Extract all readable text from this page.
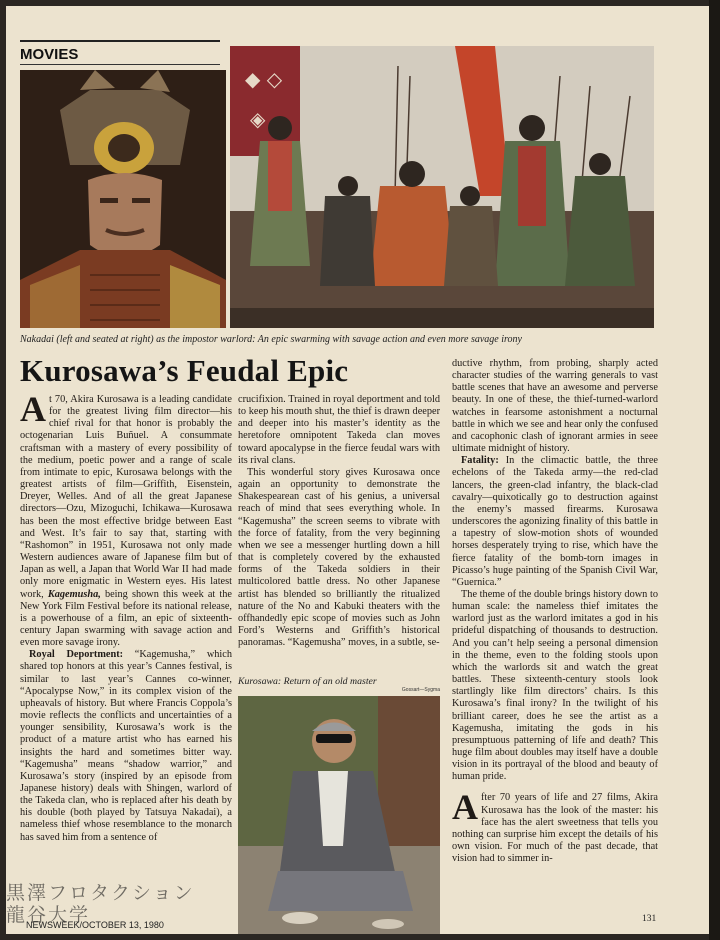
MOVIES
◆ ◇
◈
Nakadai (left and seated at right) as the impostor warlord: An epic swarming with savage action and even more savage irony
Kurosawa’s Feudal Epic

At 70, Akira Kurosawa is a leading candidate for the greatest living film director—his chief rival for that honor is probably the octogenarian Luis Buñuel. A consummate craftsman with a mastery of every possibility of the medium, poetic power and a range of scale from intimate to epic, Kurosawa belongs with the greatest artists of film—Griffith, Eisenstein, Dreyer, Welles. And of all the great Japanese directors—Ozu, Mizoguchi, Ichikawa—Kurosawa has been the most effective bridge between East and West. It’s fair to say that, starting with “Rashomon” in 1951, Kurosawa not only made Western audiences aware of Japanese film but of Japan as well, a Japan that World War II had made only more enigmatic in Western eyes. His latest work, Kagemusha, being shown this week at the New York Film Festival before its national release, is a powerhouse of a film, an epic of sixteenth-century Japan swarming with savage action and even more savage irony.

Royal Deportment: “Kagemusha,” which shared top honors at this year’s Cannes festival, is similar to last year’s Cannes co-winner, “Apocalypse Now,” in its complex vision of the upheavals of history. But where Francis Coppola’s movie reflects the conflicts and uncertainties of a younger sensibility, Kurosawa’s work is the product of a mature artist who has earned his insights the hard and sometimes bitter way. “Kagemusha” means “shadow warrior,” and Kurosawa’s story (inspired by an episode from Japanese history) deals with Shingen, warlord of the Takeda clan, who is replaced after his death by his double (both played by Tatsuya Nakadai), a nameless thief whose resemblance to the monarch has saved him from a sentence of

crucifixion. Trained in royal deportment and told to keep his mouth shut, the thief is drawn deeper and deeper into his master’s identity as the heretofore omnipotent Takeda clan moves toward apocalypse in the fierce feudal wars with its rival clans.

This wonderful story gives Kurosawa once again an opportunity to demonstrate the Shakespearean cast of his genius, a universal reach of mind that sees everything whole. In “Kagemusha” the screen seems to vibrate with the force of fatality, from the very beginning when we see a messenger hurtling down a hill that is completely covered by the exhausted forms of the Takeda soldiers in their multicolored battle dress. No other Japanese artist has blended so brilliantly the ritualized nature of the No and Kabuki theaters with the offhandedly epic scope of movies such as John Ford’s Westerns and Griffith’s historical panoramas. “Kagemusha” moves, in a subtle, se-

Kurosawa: Return of an old master
Gossart—Sygma

ductive rhythm, from probing, sharply acted character studies of the warring generals to vast battle scenes that have an awesome and perverse beauty. In one of these, the thief-turned-warlord watches in fearsome astonishment a nocturnal battle in which we see and hear only the confused and cacophonic clash of ignorant armies in seee ultimate midnight of history.

Fatality: In the climactic battle, the three echelons of the Takeda army—the red-clad lancers, the green-clad infantry, the black-clad cavalry—quixotically go to destruction against the enemy’s massed firearms. Kurosawa underscores the agonizing finality of this battle in a tapestry of slow-motion shots of wounded horses desperately trying to rise, which have the fierce fatality of the bomb-torn images in Picasso’s huge painting of the Spanish Civil War, “Guernica.”

The theme of the double brings history down to human scale: the nameless thief imitates the warlord just as the warlord imitates a god in his prideful dispatching of thousands to destruction. And you can’t help seeing a personal dimension in the theme, even to the folding stools upon which the warlords sit and watch the great battles. These sixteenth-century stools look startlingly like film directors’ chairs. Is this Kurosawa’s final irony? In the twilight of his brilliant career, does he see the artist as a Kagemusha, imitating the gods in his presumptuous patterning of life and death? This huge film about doubles may itself have a double vision in its portrayal of the blood and beauty of human pride.

After 70 years of life and 27 films, Akira Kurosawa has the look of the master: his face has the alert sweetness that tells you nothing can surprise him except the details of his own vision. For much of the past decade, that vision had to simmer in-

NEWSWEEK/OCTOBER 13, 1980
131
黒澤フロタクション
龍谷大学
